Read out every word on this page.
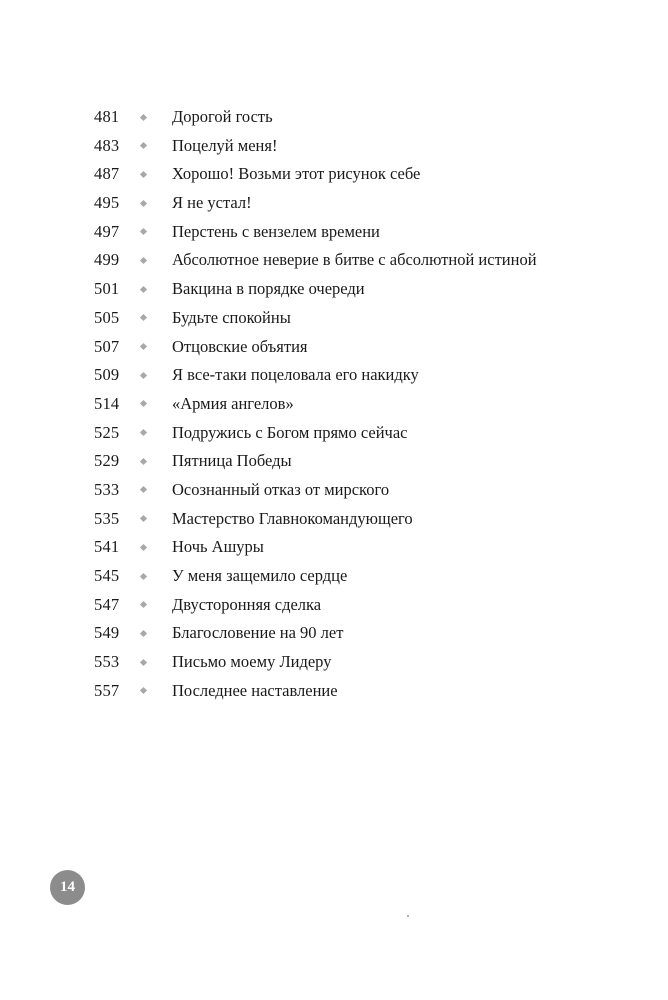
481	Дорогой гость
483	Поцелуй меня!
487	Хорошо! Возьми этот рисунок себе
495	Я не устал!
497	Перстень с вензелем времени
499	Абсолютное неверие в битве с абсолютной истиной
501	Вакцина в порядке очереди
505	Будьте спокойны
507	Отцовские объятия
509	Я все-таки поцеловала его накидку
514	«Армия ангелов»
525	Подружись с Богом прямо сейчас
529	Пятница Победы
533	Осознанный отказ от мирского
535	Мастерство Главнокомандующего
541	Ночь Ашуры
545	У меня защемило сердце
547	Двусторонняя сделка
549	Благословение на 90 лет
553	Письмо моему Лидеру
557	Последнее наставление
14
